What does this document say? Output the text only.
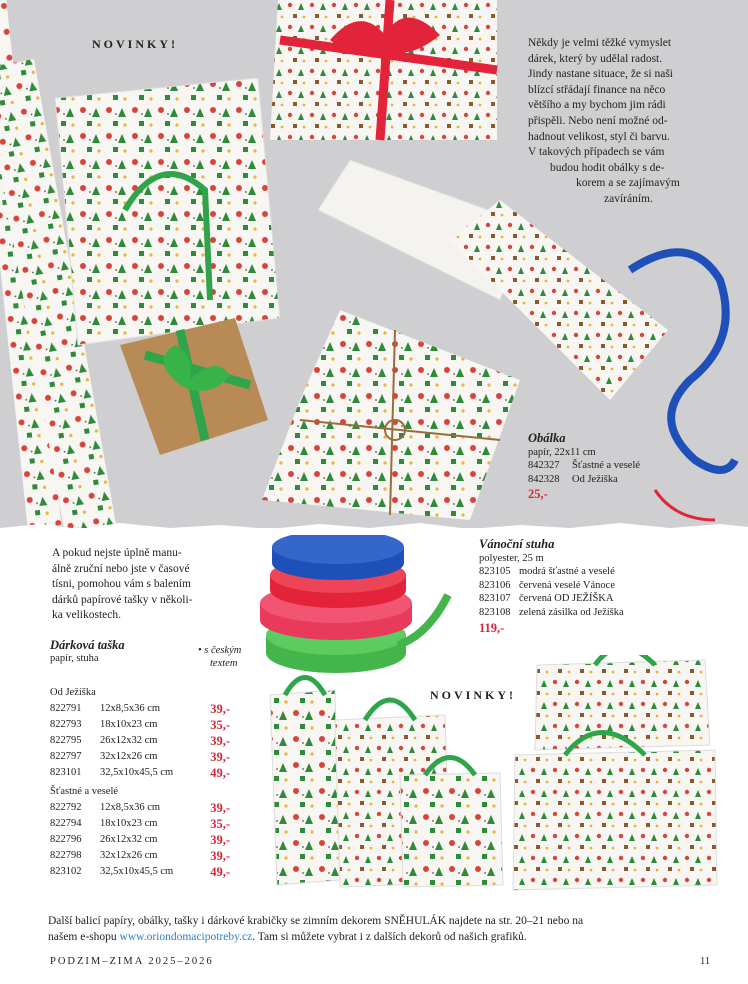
NOVINKY!	Někdy je velmi těžké vymyslet
dárek, který by udělal radost.
Jindy nastane situace, že si naši
blízcí střádají finance na něco
většího a my bychom jim rádi
přispěli. Nebo není možné od-
hadnout velikost, styl či barvu.
V takových případech se vám
budou hodit obálky s de-
korem a se zajímavým
zavíráním.
Obálka
papír, 22x11 cm
842327	Šťastné a veselé
842328	Od Ježíška
25,-
A pokud nejste úplně manu-
álně zruční nebo jste v časové
tísni, pomohou vám s balením
dárků papírové tašky v několi-
ka velikostech.
Dárková taška
papír, stuha
• s českým
textem
Od Ježíška
822791	12x8,5x36 cm	39,-
822793	18x10x23 cm	35,-
822795	26x12x32 cm	39,-
822797	32x12x26 cm	39,-
823101	32,5x10x45,5 cm	49,-
Šťastné a veselé
822792	12x8,5x36 cm	39,-
822794	18x10x23 cm	35,-
822796	26x12x32 cm	39,-
822798	32x12x26 cm	39,-
823102	32,5x10x45,5 cm	49,-
Vánoční stuha
polyester, 25 m
823105 modrá šťastné a veselé
823106 červená veselé Vánoce
823107 červená OD JEŽÍŠKA
823108 zelená zásilka od Ježíška
119,-
NOVINKY!
Další balicí papíry, obálky, tašky i dárkové krabičky se zimním dekorem SNĚHULÁK najdete na str. 20–21 nebo na
našem e-shopu www.oriondomacipotreby.cz. Tam si můžete vybrat i z dalších dekorů od našich grafiků.
PODZIM–ZIMA 2025–2026	11
